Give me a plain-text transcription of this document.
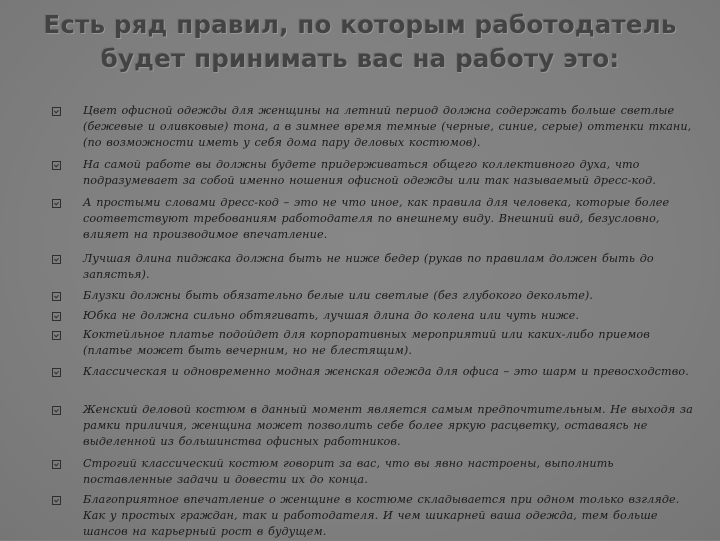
Есть ряд правил, по которым работодатель
будет принимать вас на работу это:
Цвет офисной одежды для женщины на летний период должна содержать больше светлые (бежевые и оливковые) тона, а в зимнее время темные (черные, синие, серые) оттенки ткани, (по возможности иметь у себя дома пару деловых костюмов).
На самой работе вы должны будете придерживаться общего коллективного духа, что подразумевает за собой именно ношения офисной одежды или так называемый дресс-код.
А простыми словами дресс-код – это не что иное, как правила для человека, которые более соответствуют требованиям работодателя по внешнему виду. Внешний вид, безусловно, влияет на производимое впечатление.
Лучшая длина пиджака должна быть не ниже бедер (рукав по правилам должен быть до запястья).
Блузки должны быть обязательно белые или светлые (без глубокого декольте).
Юбка не должна сильно обтягивать, лучшая длина до колена или чуть ниже.
Коктейльное платье подойдет для корпоративных мероприятий или каких-либо приемов (платье может быть вечерним, но не блестящим).
Классическая и одновременно модная женская одежда для офиса – это шарм и превосходство.
Женский деловой костюм в данный момент является самым предпочтительным. Не выходя за рамки приличия, женщина может позволить себе более яркую расцветку, оставаясь не выделенной из большинства офисных работников.
Строгий классический костюм говорит за вас, что вы явно настроены, выполнить поставленные задачи и довести их до конца.
Благоприятное впечатление о женщине в костюме складывается при одном только взгляде. Как у простых граждан, так и работодателя. И чем шикарней ваша одежда, тем больше шансов на карьерный рост в будущем.
